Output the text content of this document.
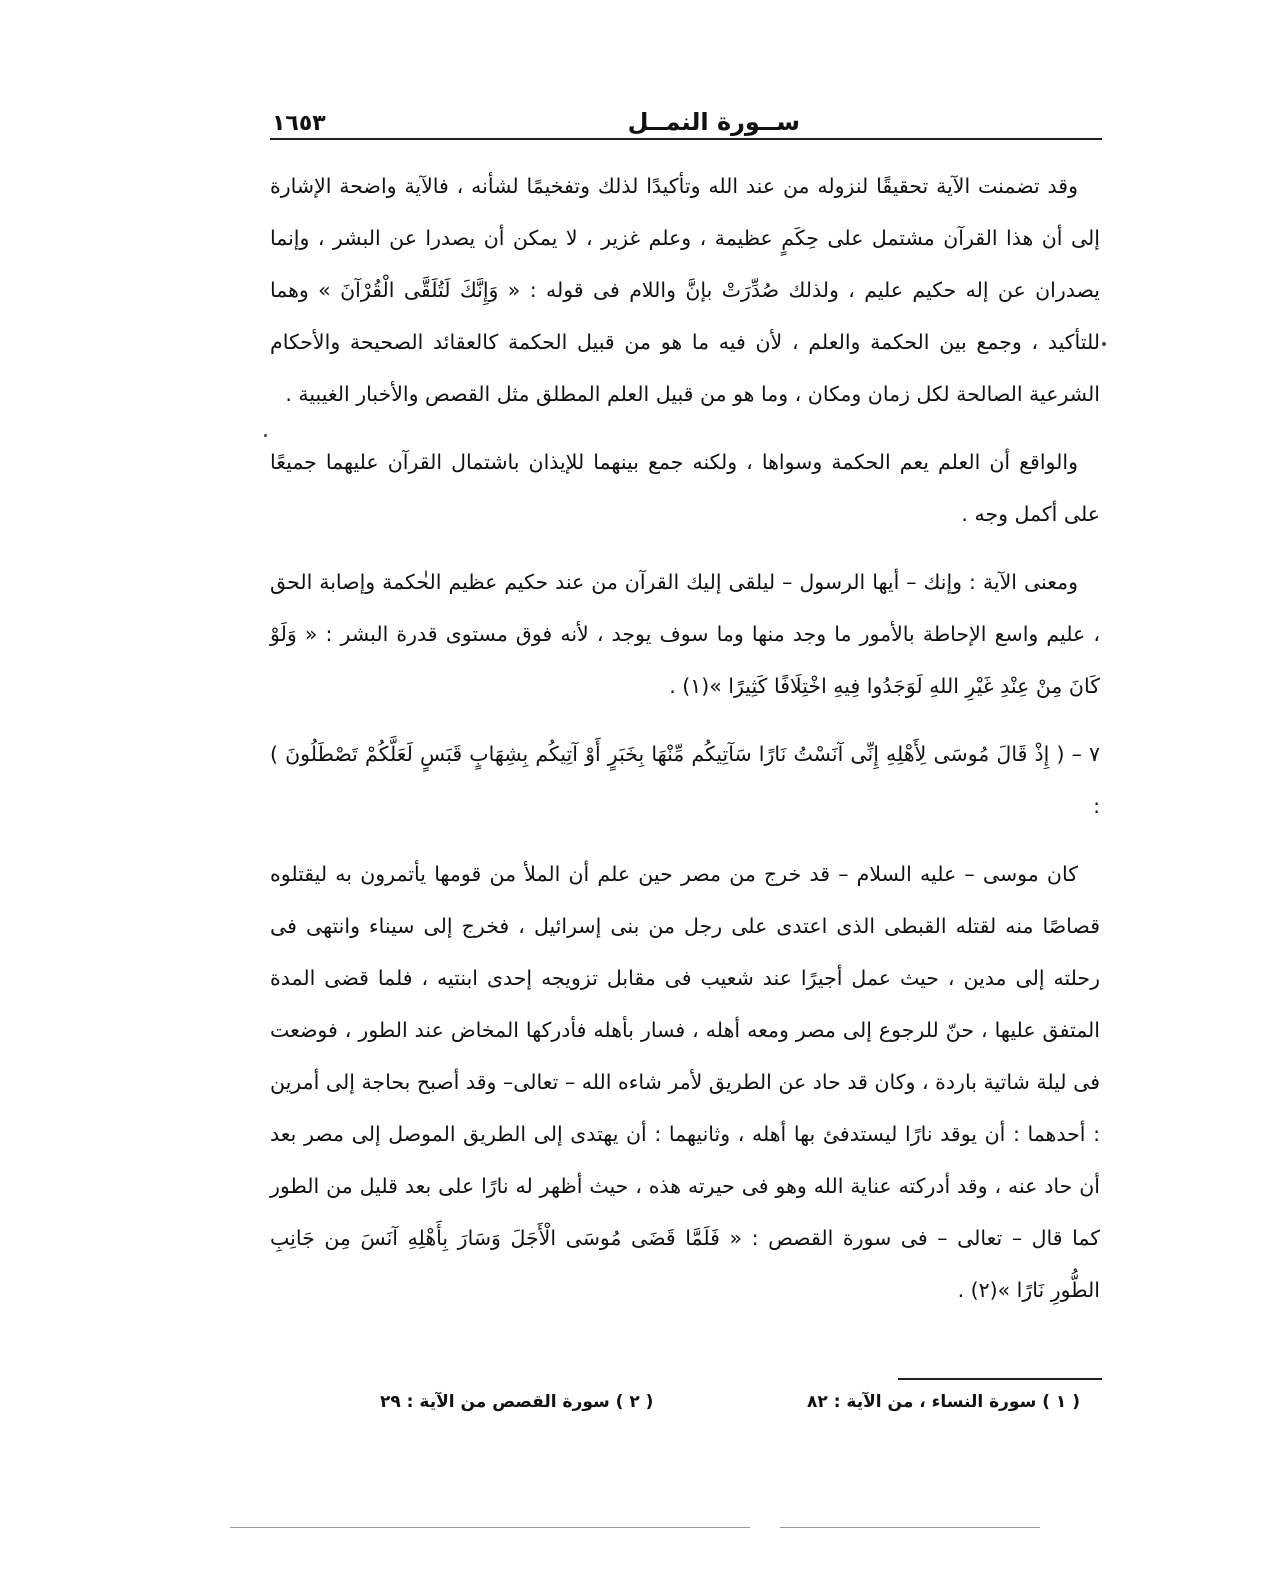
١٦٥٣	ســورة النمــل

وقد تضمنت الآية تحقيقًا لنزوله من عند الله وتأكيدًا لذلك وتفخيمًا لشأنه ، فالآية واضحة الإشارة إلى أن هذا القرآن مشتمل على حِكَمٍ عظيمة ، وعلم غزير ، لا يمكن أن يصدرا عن البشر ، وإنما يصدران عن إله حكيم عليم ، ولذلك صُدِّرَتْ بإنَّ واللام فى قوله : « وَإِنَّكَ لَتُلَقَّى الْقُرْآنَ » وهما للتأكيد ، وجمع بين الحكمة والعلم ، لأن فيه ما هو من قبيل الحكمة كالعقائد الصحيحة والأحكام الشرعية الصالحة لكل زمان ومكان ، وما هو من قبيل العلم المطلق مثل القصص والأخبار الغيبية .

والواقع أن العلم يعم الحكمة وسواها ، ولكنه جمع بينهما للإيذان باشتمال القرآن عليهما جميعًا على أكمل وجه .

ومعنى الآية : وإنك – أيها الرسول – ليلقى إليك القرآن من عند حكيم عظيم الحكمة وإصابة الحق ، عليم واسع الإحاطة بالأمور ما وجد منها وما سوف يوجد ، لأنه فوق مستوى قدرة البشر : « وَلَوْ كَانَ مِنْ عِنْدِ غَيْرِ اللهِ لَوَجَدُوا فِيهِ اخْتِلَافًا كَثِيرًا »(١) .

٧ – ( إِذْ قَالَ مُوسَى لِأَهْلِهِ إِنِّى آنَسْتُ نَارًا سَآتِيكُم مِّنْهَا بِخَبَرٍ أَوْ آتِيكُم بِشِهَابٍ قَبَسٍ لَعَلَّكُمْ تَصْطَلُونَ ) :

كان موسى – عليه السلام – قد خرج من مصر حين علم أن الملأ من قومها يأتمرون به ليقتلوه قصاصًا منه لقتله القبطى الذى اعتدى على رجل من بنى إسرائيل ، فخرج إلى سيناء وانتهى فى رحلته إلى مدين ، حيث عمل أجيرًا عند شعيب فى مقابل تزويجه إحدى ابنتيه ، فلما قضى المدة المتفق عليها ، حنّ للرجوع إلى مصر ومعه أهله ، فسار بأهله فأدركها المخاض عند الطور ، فوضعت فى ليلة شاتية باردة ، وكان قد حاد عن الطريق لأمر شاءه الله – تعالى– وقد أصبح بحاجة إلى أمرين : أحدهما : أن يوقد نارًا ليستدفئ بها أهله ، وثانيهما : أن يهتدى إلى الطريق الموصل إلى مصر بعد أن حاد عنه ، وقد أدركته عناية الله وهو فى حيرته هذه ، حيث أظهر له نارًا على بعد قليل من الطور كما قال – تعالى – فى سورة القصص : « فَلَمَّا قَضَى مُوسَى الْأَجَلَ وَسَارَ بِأَهْلِهِ آنَسَ مِن جَانِبِ الطُّورِ نَارًا »(٢) .

( ١ ) سورة النساء ، من الآية : ٨٢
( ٢ ) سورة القصص من الآية : ٢٩
